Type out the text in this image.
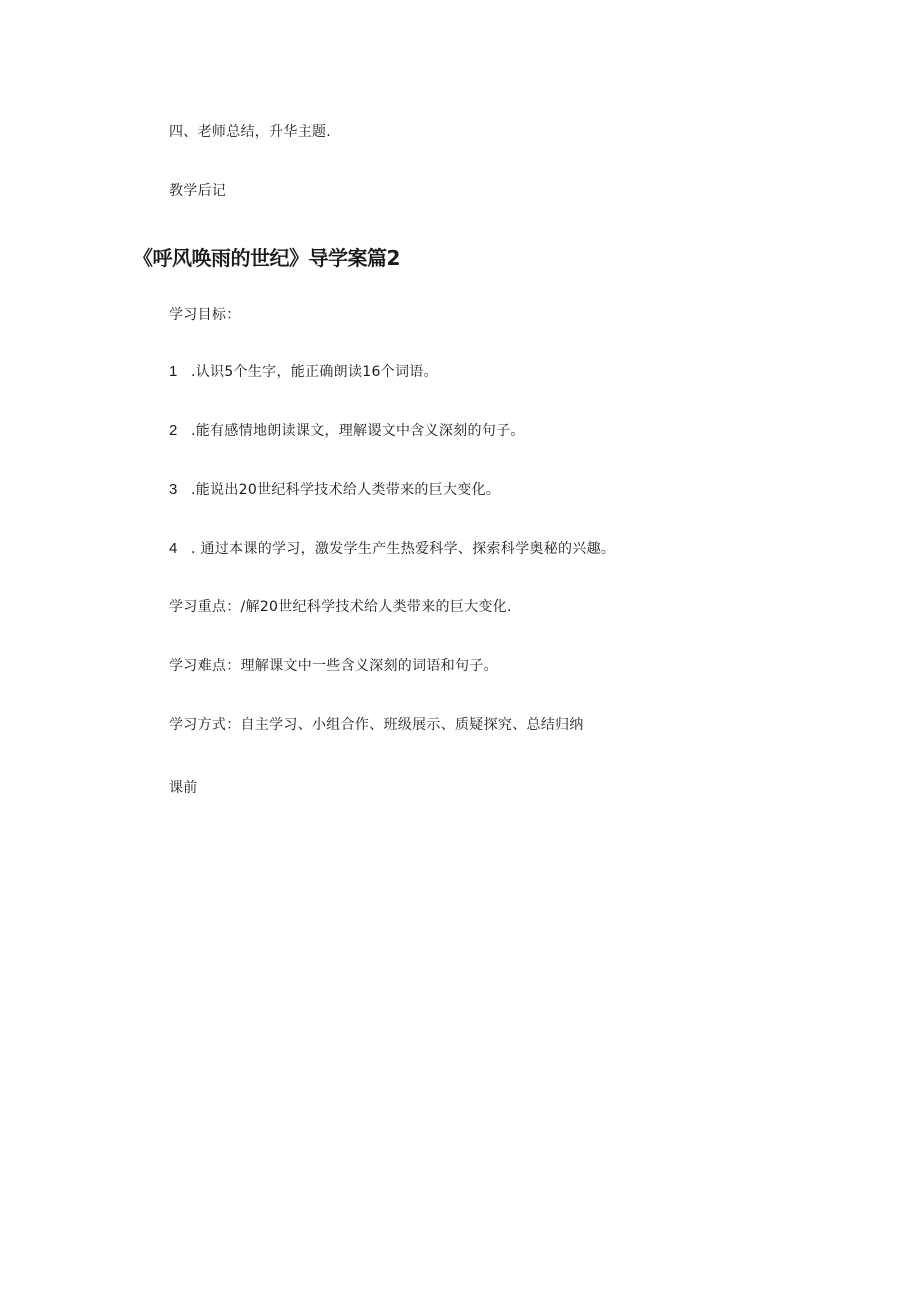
四、老师总结，升华主题.
教学后记
《呼风唤雨的世纪》导学案篇2
学习目标：
1 .认识5个生字，能正确朗读16个词语。
2 .能有感情地朗读课文，理解谡文中含义深刻的句子。
3 .能说出20世纪科学技术给人类带来的巨大变化。
4 . 通过本课的学习，激发学生产生热爱科学、探索科学奥秘的兴趣。
学习重点：/解20世纪科学技术给人类带来的巨大变化.
学习难点：理解课文中一些含义深刻的词语和句子。
学习方式：自主学习、小组合作、班级展示、质疑探究、总结归纳
课前
